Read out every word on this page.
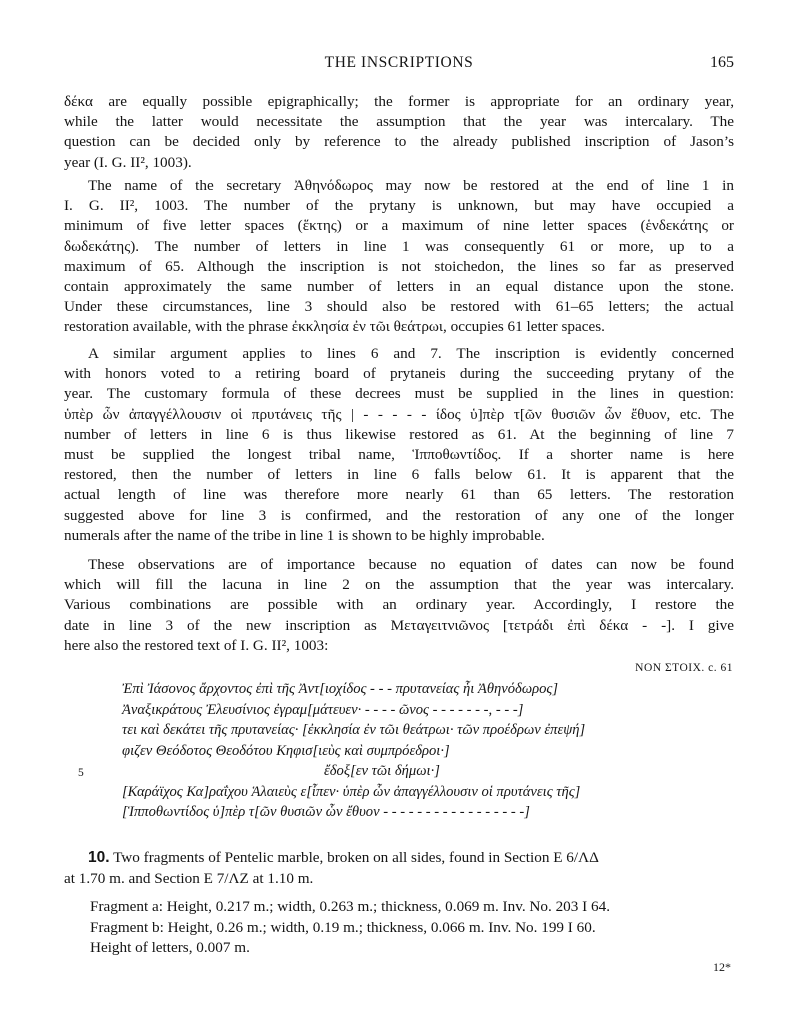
THE INSCRIPTIONS	165
δέκα are equally possible epigraphically; the former is appropriate for an ordinary year,
while the latter would necessitate the assumption that the year was intercalary. The
question can be decided only by reference to the already published inscription of Jason’s
year (I. G. II², 1003).
The name of the secretary Ἀθηνόδωρος may now be restored at the end of line 1 in
I. G. II², 1003. The number of the prytany is unknown, but may have occupied a
minimum of five letter spaces (ἕκτης) or a maximum of nine letter spaces (ἑνδεκάτης or
δωδεκάτης). The number of letters in line 1 was consequently 61 or more, up to a
maximum of 65. Although the inscription is not stoichedon, the lines so far as preserved
contain approximately the same number of letters in an equal distance upon the stone.
Under these circumstances, line 3 should also be restored with 61–65 letters; the actual
restoration available, with the phrase ἐκκλησία ἐν τῶι θεάτρωι, occupies 61 letter spaces.
A similar argument applies to lines 6 and 7. The inscription is evidently concerned
with honors voted to a retiring board of prytaneis during the succeeding prytany of the
year. The customary formula of these decrees must be supplied in the lines in question:
ὑπὲρ ὧν ἀπαγγέλλουσιν οἱ πρυτάνεις τῆς | - - - - - ίδος ὑ]πὲρ τ[ῶν θυσιῶν ὧν ἔθυον, etc. The
number of letters in line 6 is thus likewise restored as 61. At the beginning of line 7
must be supplied the longest tribal name, Ἱπποθωντίδος. If a shorter name is here
restored, then the number of letters in line 6 falls below 61. It is apparent that the
actual length of line was therefore more nearly 61 than 65 letters. The restoration
suggested above for line 3 is confirmed, and the restoration of any one of the longer
numerals after the name of the tribe in line 1 is shown to be highly improbable.
These observations are of importance because no equation of dates can now be found
which will fill the lacuna in line 2 on the assumption that the year was intercalary.
Various combinations are possible with an ordinary year. Accordingly, I restore the
date in line 3 of the new inscription as Μεταγειτνιῶνος [τετράδι ἐπὶ δέκα - -]. I give
here also the restored text of I. G. II², 1003:
ΝΟΝ ΣΤΟΙΧ. c. 61
Ἐπὶ Ἰάσονος ἄρχοντος ἐπὶ τῆς Ἀντ[ιοχίδος - - - πρυτανείας ἧι Ἀθηνόδωρος]
Ἀναξικράτους Ἐλευσίνιος ἐγραμ[μάτευεν· - - - - ῶνος - - - - - - -, - - -]
τει καὶ δεκάτει τῆς πρυτανείας· [ἐκκλησία ἐν τῶι θεάτρωι· τῶν προέδρων ἐπεψή]
φιζεν Θεόδοτος Θεοδότου Κηφισ[ιεὺς καὶ συμπρόεδροι·]
ἔδοξ[εν τῶι δήμωι·]
[Καράϊχος Κα]ραΐχου Ἁλαιεὺς ε[ἶπεν· ὑπὲρ ὧν ἀπαγγέλλουσιν οἱ πρυτάνεις τῆς]
[Ἱπποθωντίδος ὑ]πὲρ τ[ῶν θυσιῶν ὧν ἔθυον - - - - - - - - - - - - - - - - -]
5
10. Two fragments of Pentelic marble, broken on all sides, found in Section E 6/ΛΔ
at 1.70 m. and Section E 7/ΛΖ at 1.10 m.
Fragment a: Height, 0.217 m.; width, 0.263 m.; thickness, 0.069 m. Inv. No. 203 I 64.
Fragment b: Height, 0.26 m.; width, 0.19 m.; thickness, 0.066 m. Inv. No. 199 I 60.
Height of letters, 0.007 m.
12*
